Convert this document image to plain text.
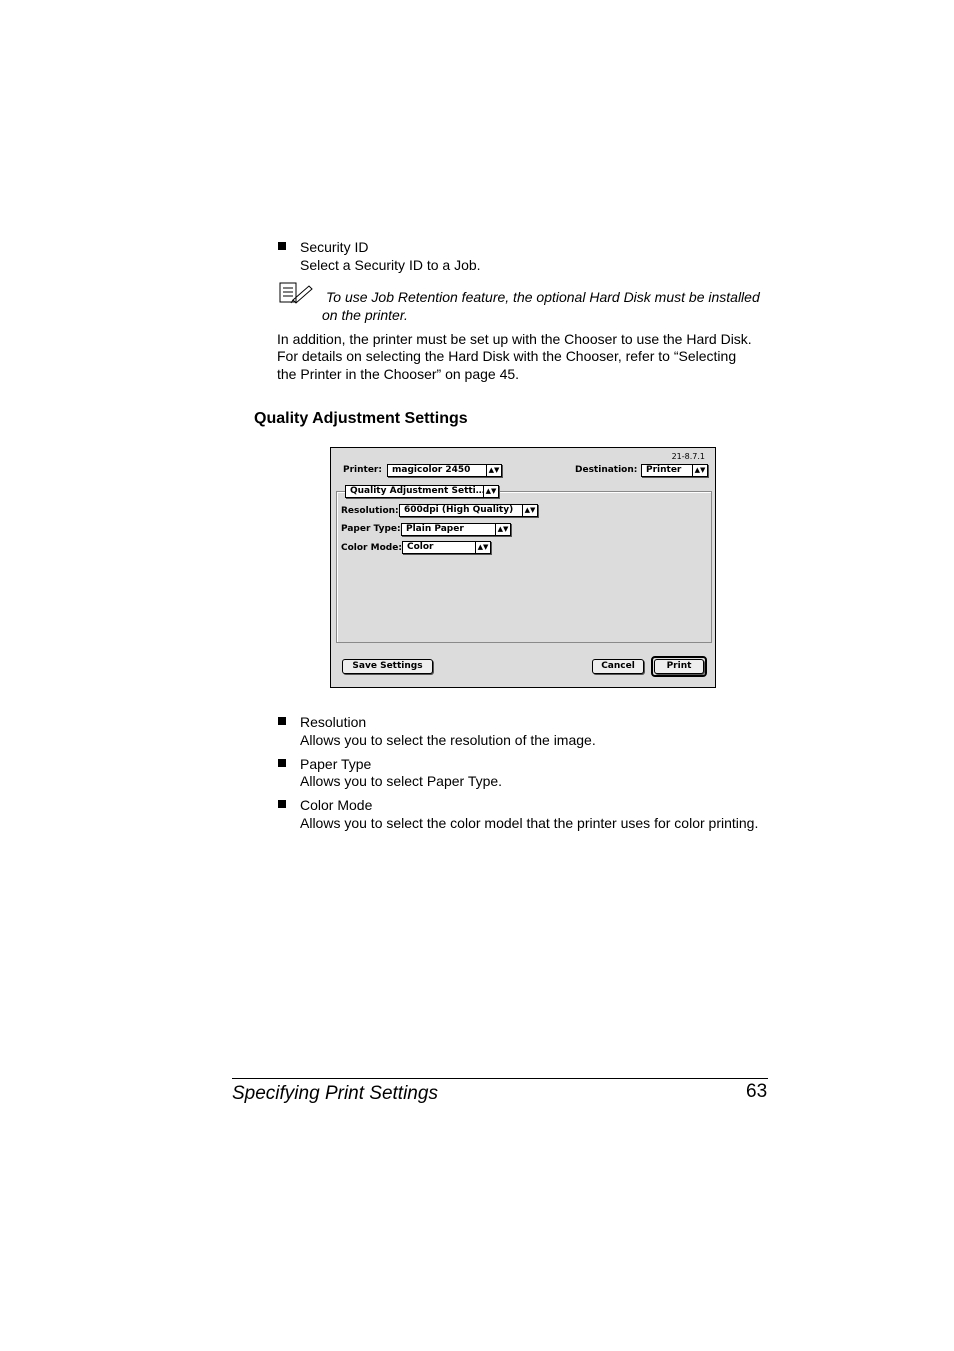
Security ID
Select a Security ID to a Job.
To use Job Retention feature, the optional Hard Disk must be installed
on the printer.
In addition, the printer must be set up with the Chooser to use the Hard Disk.
For details on selecting the Hard Disk with the Chooser, refer to “Selecting
the Printer in the Chooser” on page 45.
Quality Adjustment Settings
21-8.7.1
Printer:	magicolor 2450	▲▼	Destination: Printer	▲▼
Quality Adjustment Setti… ▲▼
Resolution: 600dpi (High Quality)	▲▼
Paper Type: Plain Paper	▲▼
Color Mode: Color	▲▼
Save Settings	Cancel	Print
Resolution
Allows you to select the resolution of the image.
Paper Type
Allows you to select Paper Type.
Color Mode
Allows you to select the color model that the printer uses for color printing.
Specifying Print Settings	63
